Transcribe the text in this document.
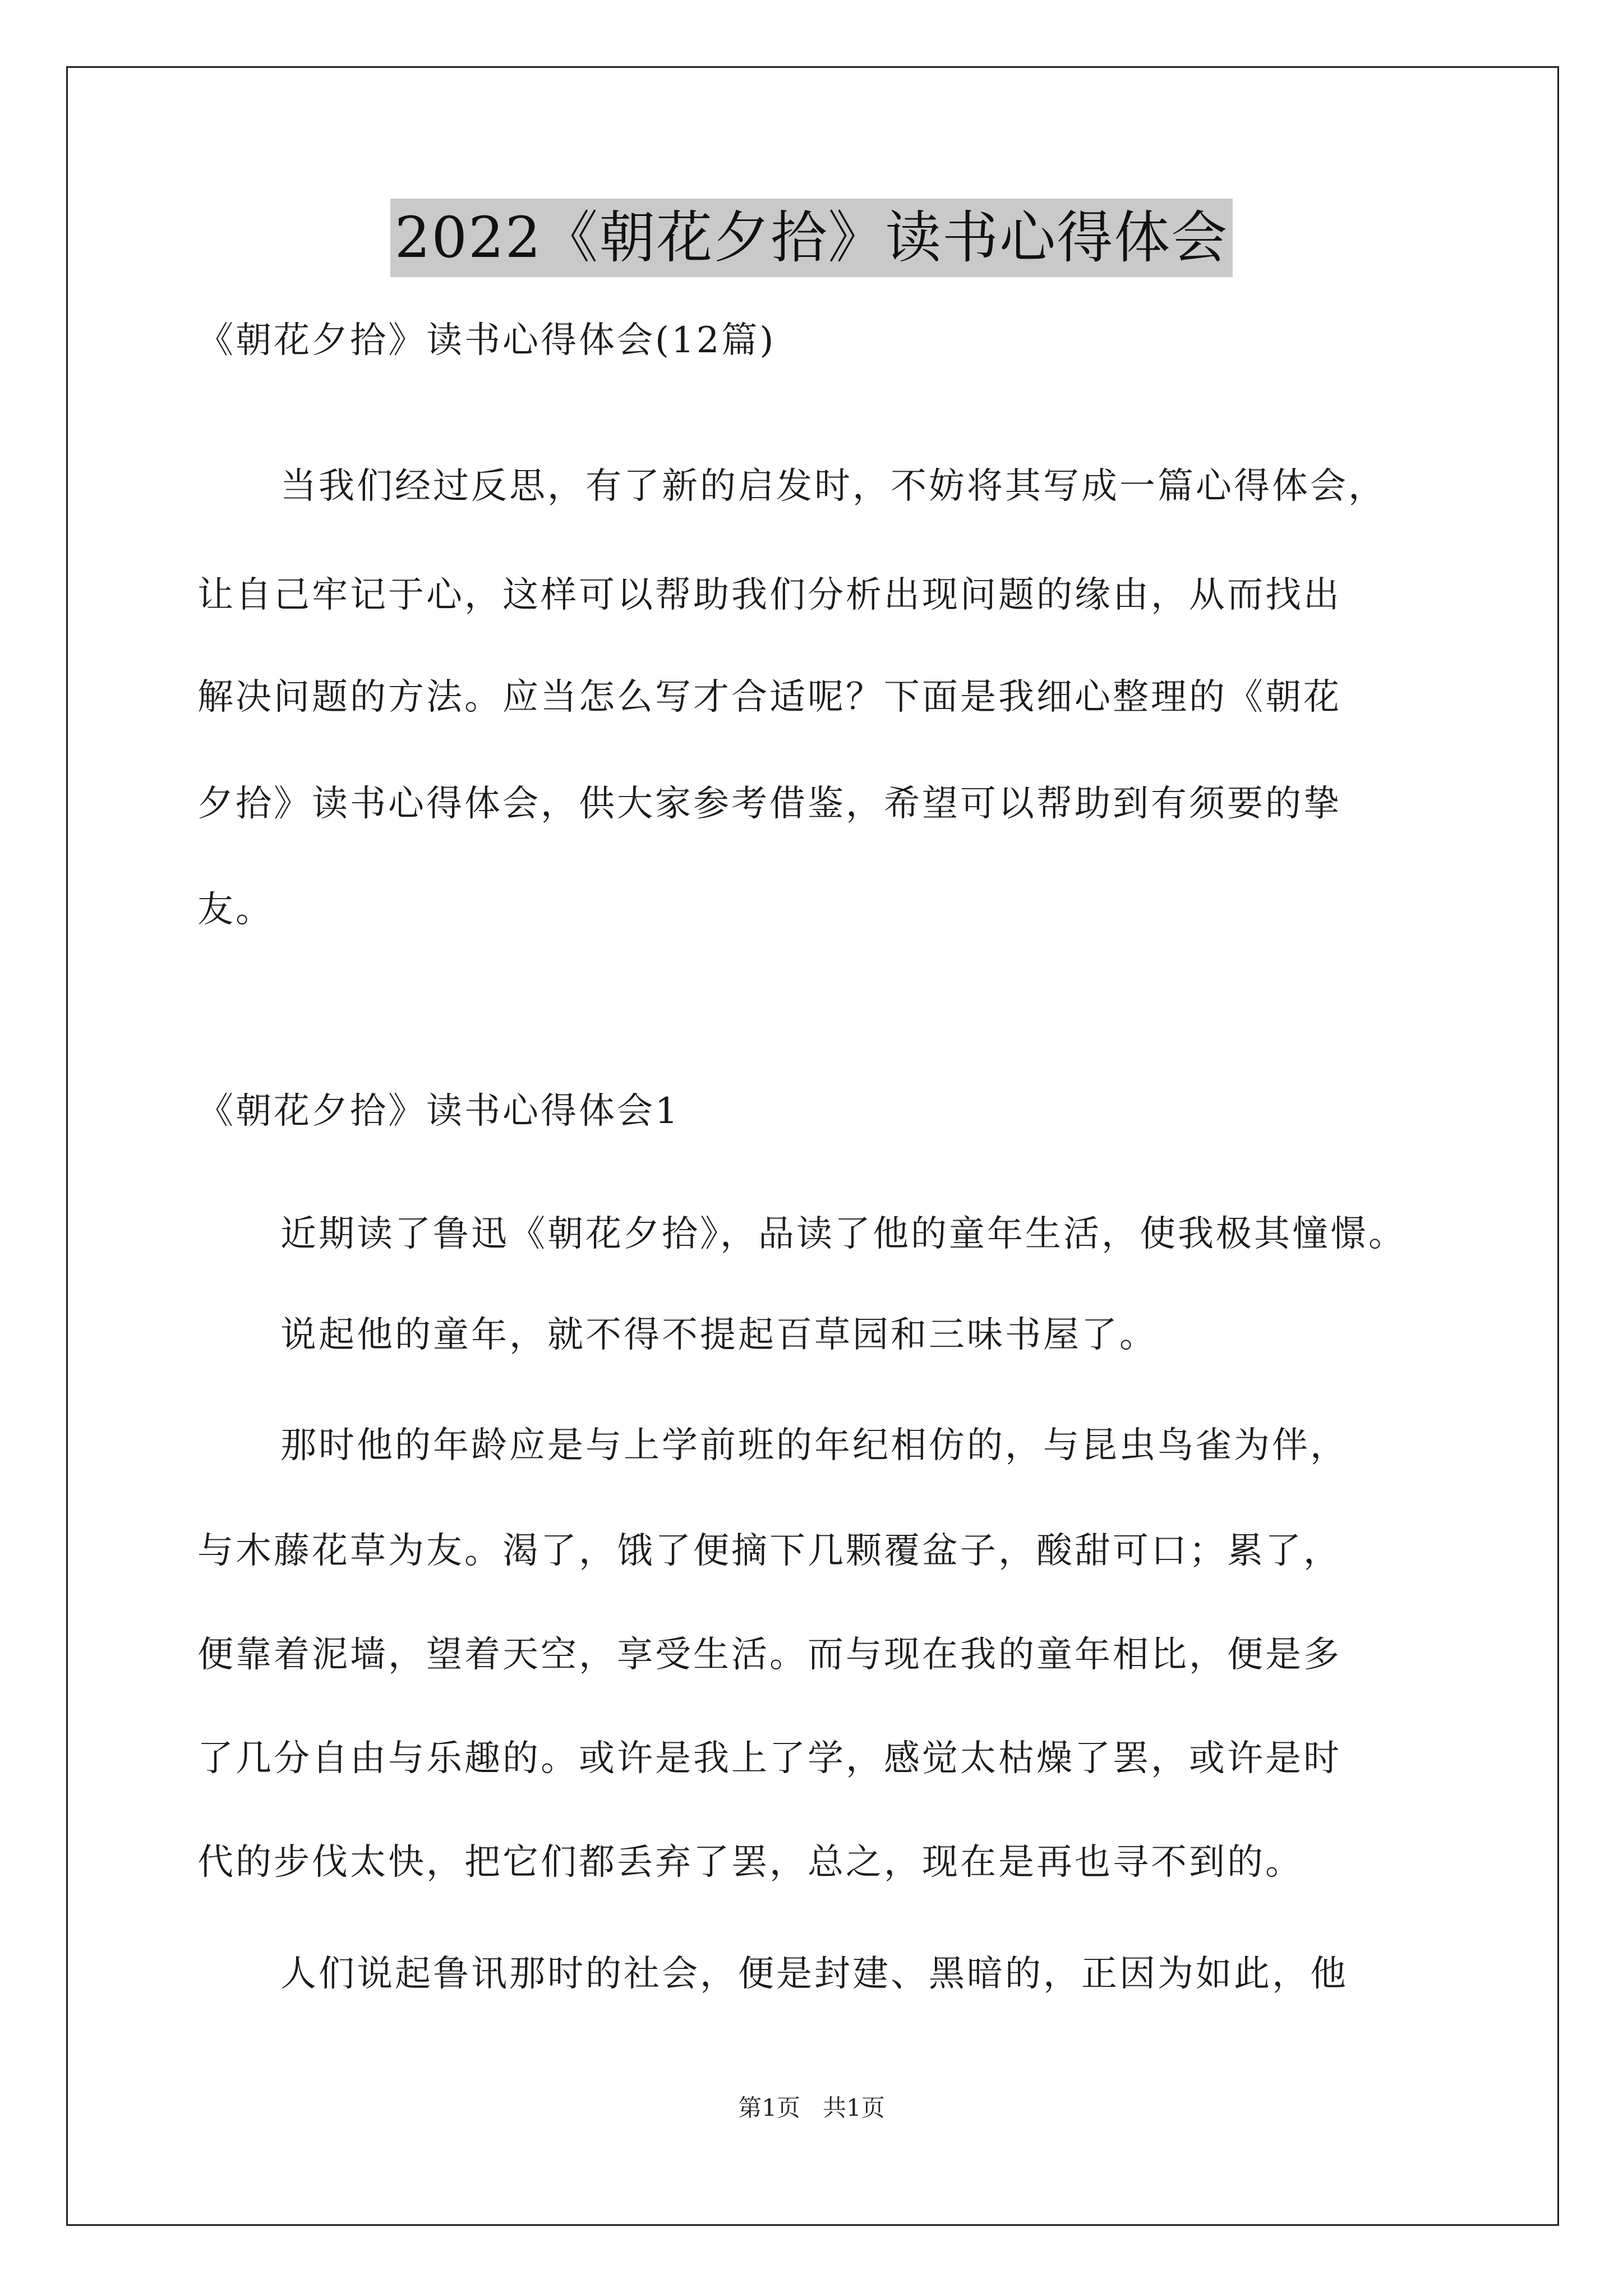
2022《朝花夕拾》读书心得体会
《朝花夕拾》读书心得体会(12篇)
当我们经过反思，有了新的启发时，不妨将其写成一篇心得体会，
让自己牢记于心，这样可以帮助我们分析出现问题的缘由，从而找出
解决问题的方法。应当怎么写才合适呢？下面是我细心整理的《朝花
夕拾》读书心得体会，供大家参考借鉴，希望可以帮助到有须要的挚
友。
《朝花夕拾》读书心得体会1
近期读了鲁迅《朝花夕拾》，品读了他的童年生活，使我极其憧憬。
说起他的童年，就不得不提起百草园和三味书屋了。
那时他的年龄应是与上学前班的年纪相仿的，与昆虫鸟雀为伴，
与木藤花草为友。渴了，饿了便摘下几颗覆盆子，酸甜可口；累了，
便靠着泥墙，望着天空，享受生活。而与现在我的童年相比，便是多
了几分自由与乐趣的。或许是我上了学，感觉太枯燥了罢，或许是时
代的步伐太快，把它们都丢弃了罢，总之，现在是再也寻不到的。
人们说起鲁讯那时的社会，便是封建、黑暗的，正因为如此，他
第1页   共1页
